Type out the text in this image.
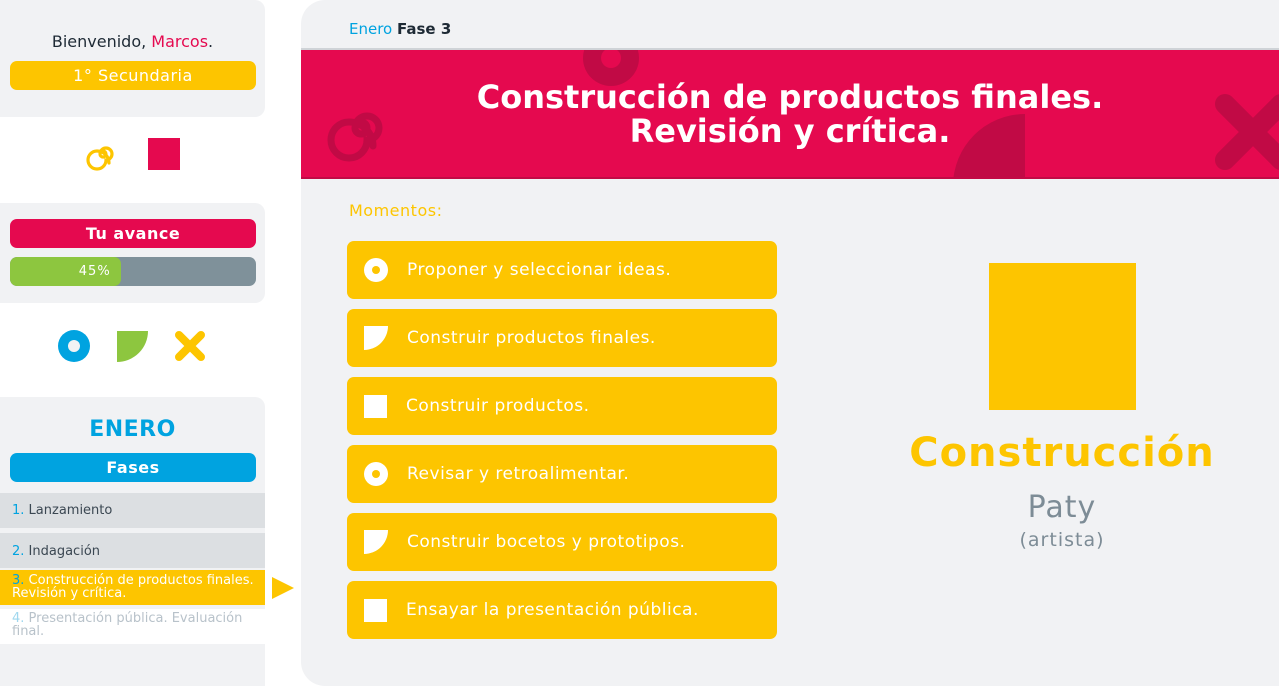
Bienvenido, Marcos.
1° Secundaria
Tu avance
45%
ENERO
Fases
1. Lanzamiento
2. Indagación
3. Construcción de productos finales. Revisión y crítica.
4. Presentación pública. Evaluación final.
Enero Fase 3
Construcción de productos finales.
Revisión y crítica.
Momentos:
Proponer y seleccionar ideas.
Construir productos finales.
Construir productos.
Revisar y retroalimentar.
Construir bocetos y prototipos.
Ensayar la presentación pública.
Construcción
Paty
(artista)
